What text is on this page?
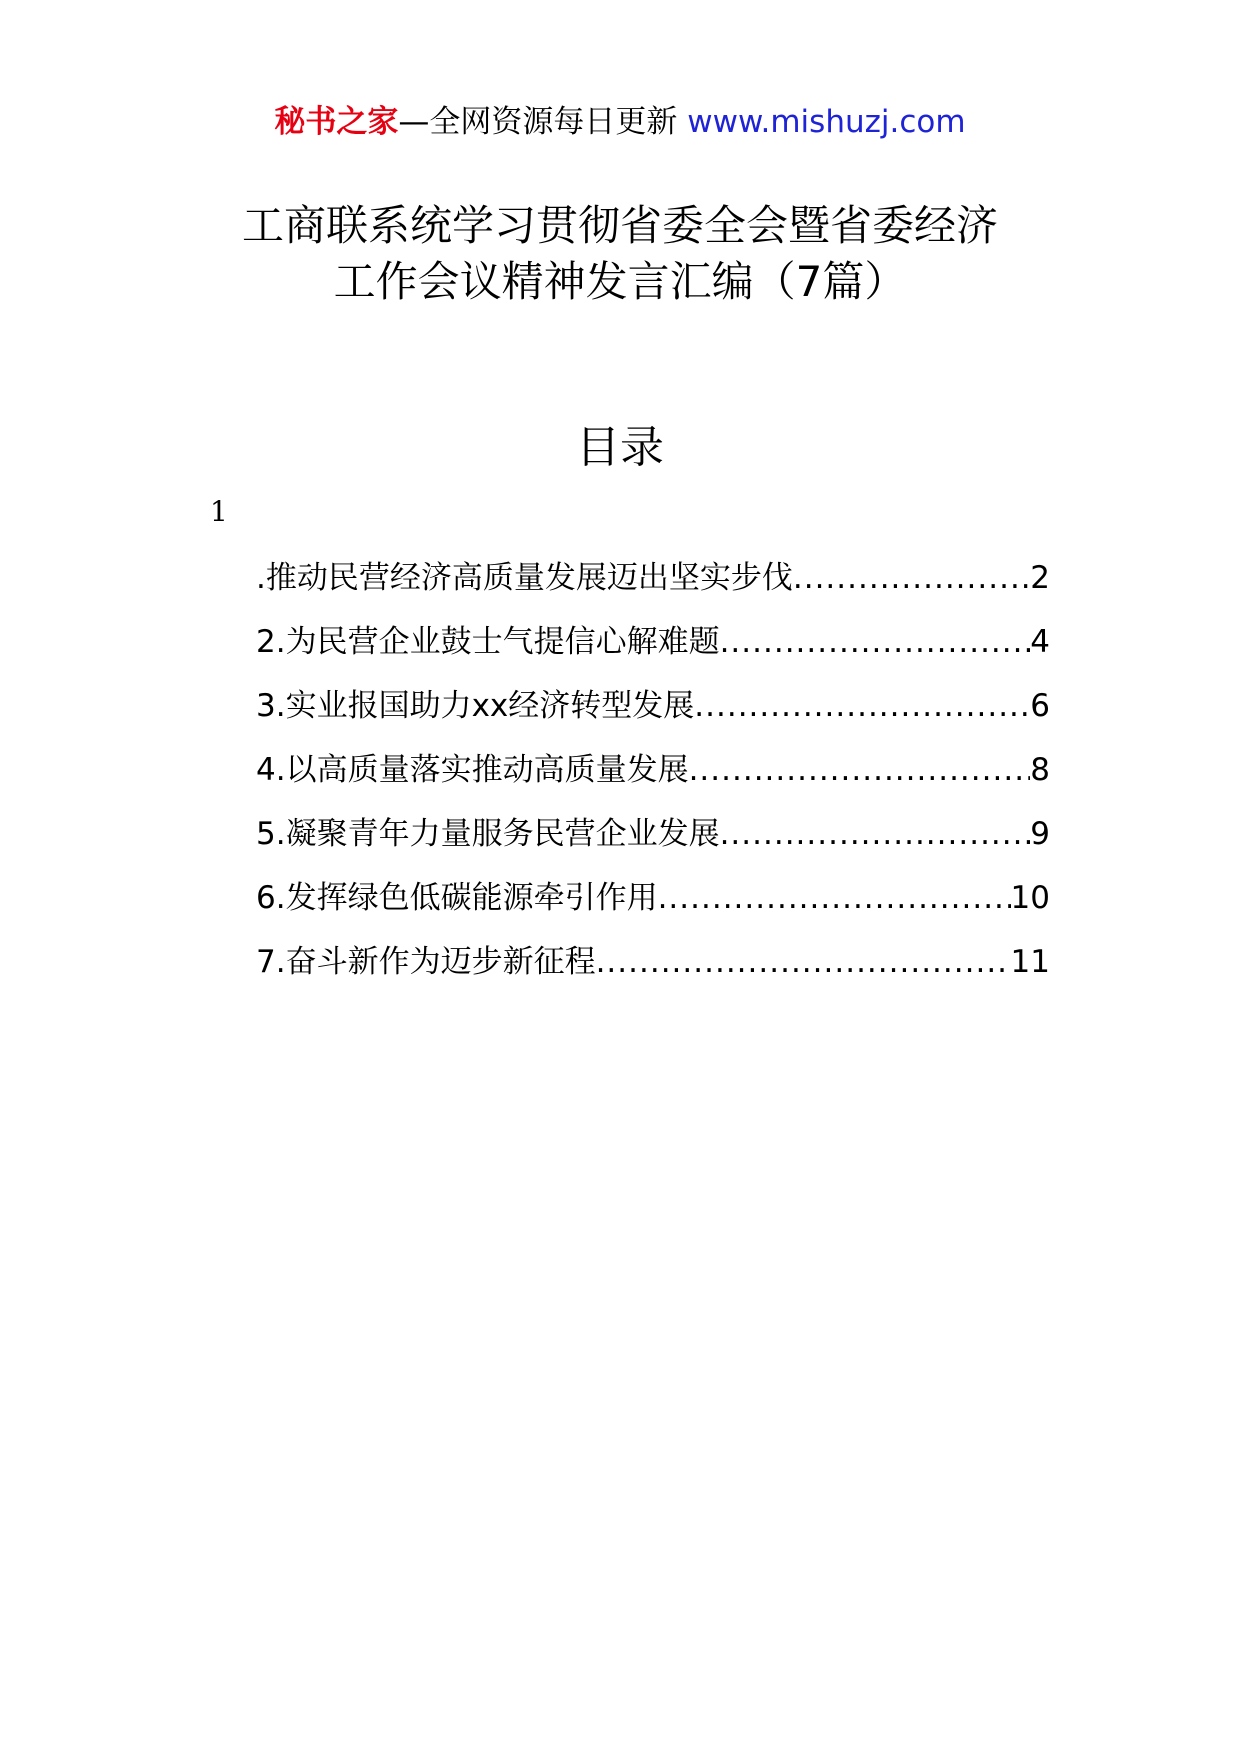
秘书之家—全网资源每日更新 www.mishuzj.com
工商联系统学习贯彻省委全会暨省委经济
工作会议精神发言汇编（7篇）
目录
1
.推动民营经济高质量发展迈出坚实步伐 .....	2
2.为民营企业鼓士气提信心解难题 .....	4
3.实业报国助力xx经济转型发展 .....	6
4.以高质量落实推动高质量发展 .....	8
5.凝聚青年力量服务民营企业发展 .....	9
6.发挥绿色低碳能源牵引作用 .....	10
7.奋斗新作为迈步新征程 .....	11
